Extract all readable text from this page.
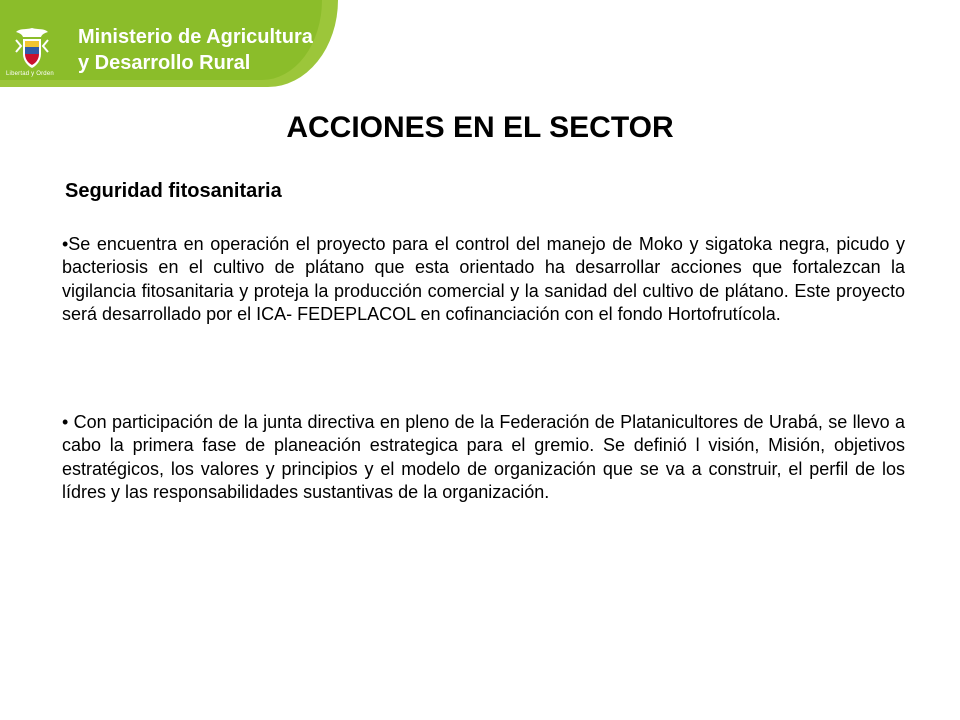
Libertad y Orden
Ministerio de Agricultura
y Desarrollo Rural
ACCIONES EN EL SECTOR
Seguridad fitosanitaria

•Se encuentra en operación el proyecto para el control del manejo de Moko y sigatoka negra, picudo y bacteriosis en el cultivo de plátano que esta orientado ha desarrollar acciones que fortalezcan la vigilancia fitosanitaria y proteja la producción comercial y la sanidad del cultivo de plátano. Este proyecto será desarrollado por el ICA- FEDEPLACOL en cofinanciación con el fondo Hortofrutícola.

• Con participación de la junta directiva en pleno de la Federación de Platanicultores de Urabá, se llevo a cabo la primera fase de planeación estrategica para el gremio. Se definió l visión, Misión, objetivos estratégicos, los valores y principios y el modelo de organización que se va a construir, el perfil de los lídres y las responsabilidades sustantivas de la organización.
